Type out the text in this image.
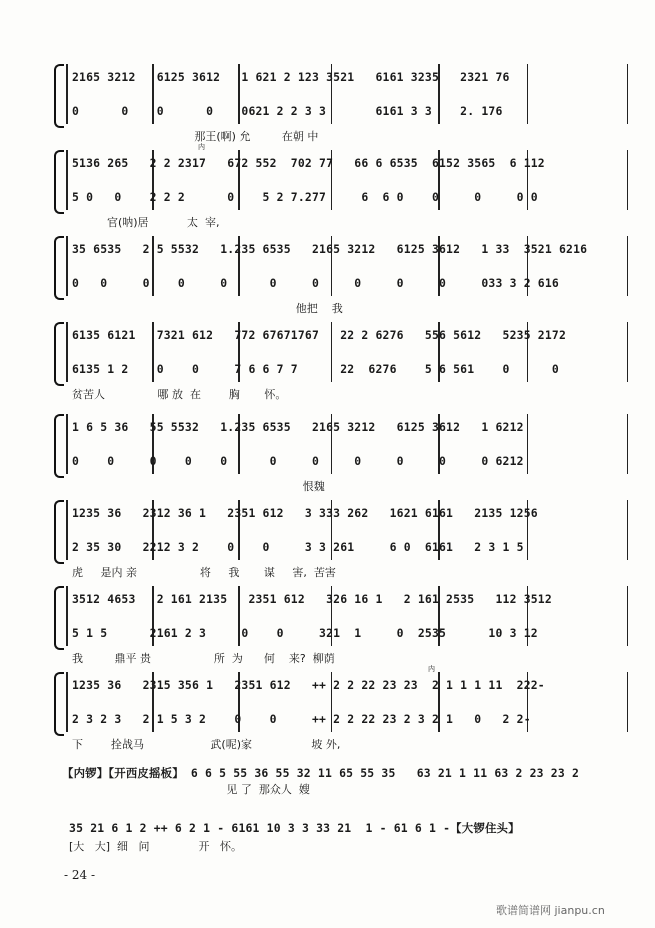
2165 3212   6125 3612   1 621 2 123 3521   6161 3235   2321 76
0      0    0      0    0621 2 2 3 3       6161 3 3    2. 176
那王(啊) 允         在朝 中
5136 265   2 2 2317   672 552  702 77   66 6 6535  6152 3565  6 112
5 0   0    2 2 2      0    5 2 7.277     6  6 0    0     0     0 0
官(呐)居           太  宰,
内
35 6535   2 5 5532   1.235 6535   2165 3212   6125 3612   1 33  3521 6216
0   0     0    0     0      0     0     0     0     0     033 3 2 616
他把    我
6135 6121   7321 612   772 67671767   22 2 6276   556 5612   5235 2172
6135 1 2    0    0     7 6 6 7 7      22  6276    5 6 561    0      0
贫苦人               哪 放  在        胸       怀。
1 6 5 36   55 5532   1.235 6535   2165 3212   6125 3612   1 6212
0    0     0    0    0      0     0     0     0     0     0 6212
恨魏
1235 36   2312 36 1   2351 612   3 333 262   1621 6161   2135 1256
2 35 30   2212 3 2    0    0     3 3 261     6 0  6161   2 3 1 5
虎     是内 亲                  将     我       谋     害,  苦害
3512 4653   2 161 2135   2351 612   326 16 1   2 161 2535   112 3512
5 1 5      2161 2 3     0    0     321  1     0  2535      10 3 12
我         鼎平 贵                  所  为      何    来?  柳荫
1235 36   2315 356 1   2351 612   ++ 2 2 22 23 23  2 1 1 1 11  222-
2 3 2 3   2 1 5 3 2    0    0     ++ 2 2 22 23 2 3 2 1   0   2 2-
下        拴战马                   武(呢)家                 坡 外,
内
【内锣】【开西皮摇板】 6 6 5 55 36 55 32 11 65 55 35   63 21 1 11 63 2 23 23 2
见 了  那众人  嫂
35 21 6 1 2 ++ 6 2 1 - 6161 10 3 3 33 21  1 - 61 6 1 -【大锣住头】
[大   大]  细   问              开   怀。
- 24 -
歌谱简谱网 jianpu.cn
